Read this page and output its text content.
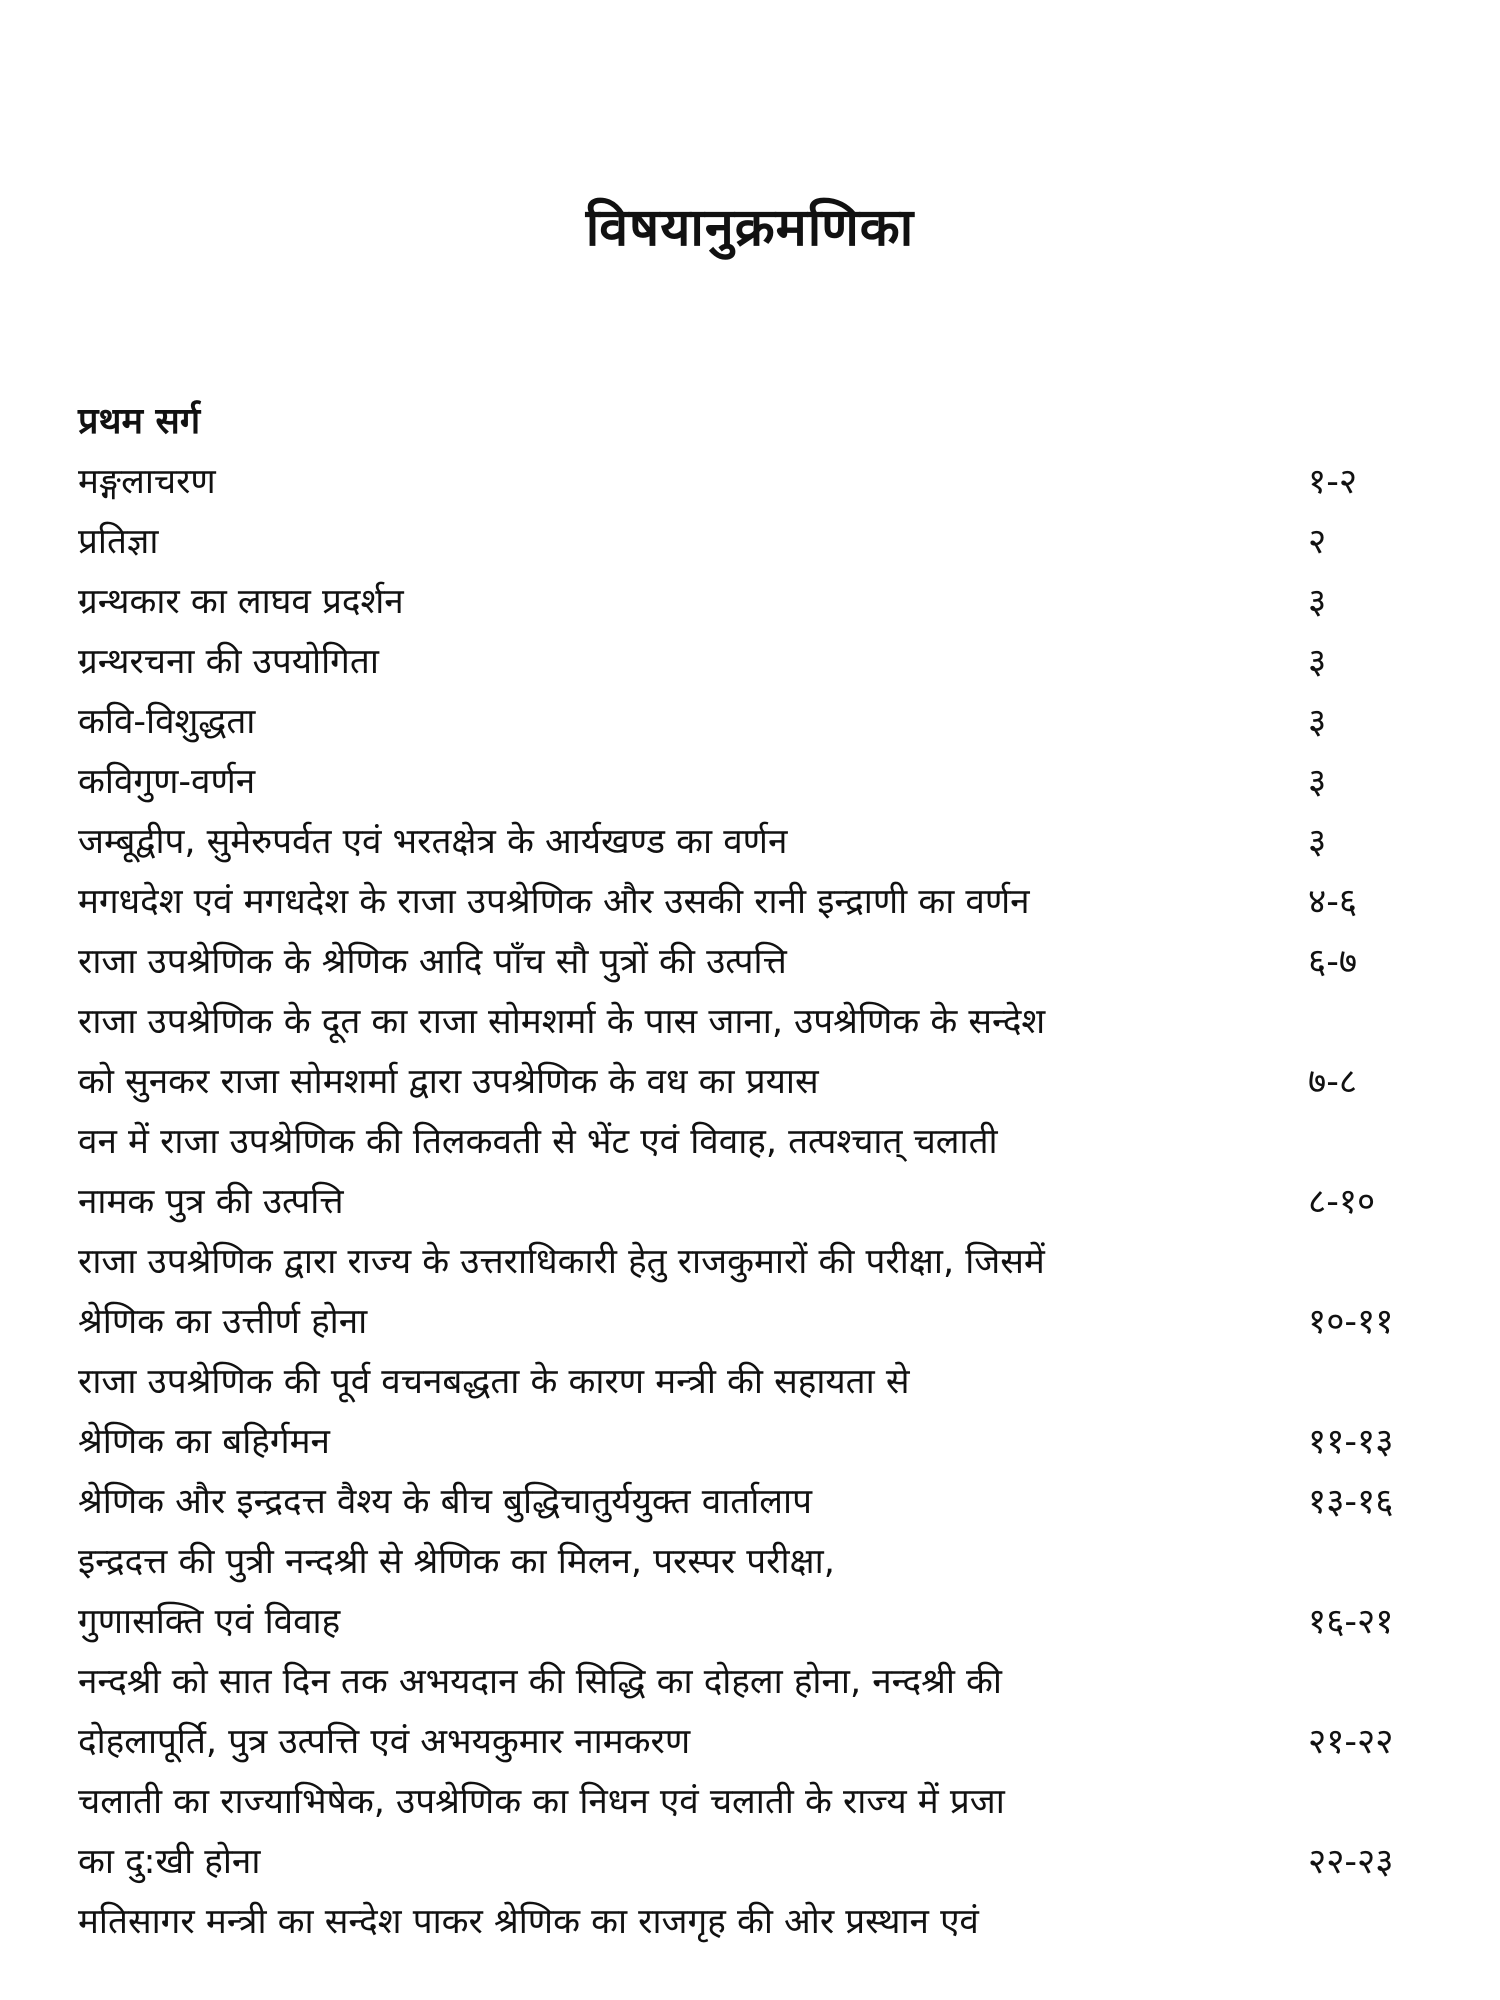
विषयानुक्रमणिका
प्रथम सर्ग
मङ्गलाचरण	१-२
प्रतिज्ञा	२
ग्रन्थकार का लाघव प्रदर्शन	३
ग्रन्थरचना की उपयोगिता	३
कवि-विशुद्धता	३
कविगुण-वर्णन	३
जम्बूद्वीप, सुमेरुपर्वत एवं भरतक्षेत्र के आर्यखण्ड का वर्णन	३
मगधदेश एवं मगधदेश के राजा उपश्रेणिक और उसकी रानी इन्द्राणी का वर्णन	४-६
राजा उपश्रेणिक के श्रेणिक आदि पाँच सौ पुत्रों की उत्पत्ति	६-७
राजा उपश्रेणिक के दूत का राजा सोमशर्मा के पास जाना, उपश्रेणिक के सन्देश
को सुनकर राजा सोमशर्मा द्वारा उपश्रेणिक के वध का प्रयास	७-८
वन में राजा उपश्रेणिक की तिलकवती से भेंट एवं विवाह, तत्पश्चात् चलाती
नामक पुत्र की उत्पत्ति	८-१०
राजा उपश्रेणिक द्वारा राज्य के उत्तराधिकारी हेतु राजकुमारों की परीक्षा, जिसमें
श्रेणिक का उत्तीर्ण होना	१०-११
राजा उपश्रेणिक की पूर्व वचनबद्धता के कारण मन्त्री की सहायता से
श्रेणिक का बहिर्गमन	११-१३
श्रेणिक और इन्द्रदत्त वैश्य के बीच बुद्धिचातुर्ययुक्त वार्तालाप	१३-१६
इन्द्रदत्त की पुत्री नन्दश्री से श्रेणिक का मिलन, परस्पर परीक्षा,
गुणासक्ति एवं विवाह	१६-२१
नन्दश्री को सात दिन तक अभयदान की सिद्धि का दोहला होना, नन्दश्री की
दोहलापूर्ति, पुत्र उत्पत्ति एवं अभयकुमार नामकरण	२१-२२
चलाती का राज्याभिषेक, उपश्रेणिक का निधन एवं चलाती के राज्य में प्रजा
का दु:खी होना	२२-२३
मतिसागर मन्त्री का सन्देश पाकर श्रेणिक का राजगृह की ओर प्रस्थान एवं
